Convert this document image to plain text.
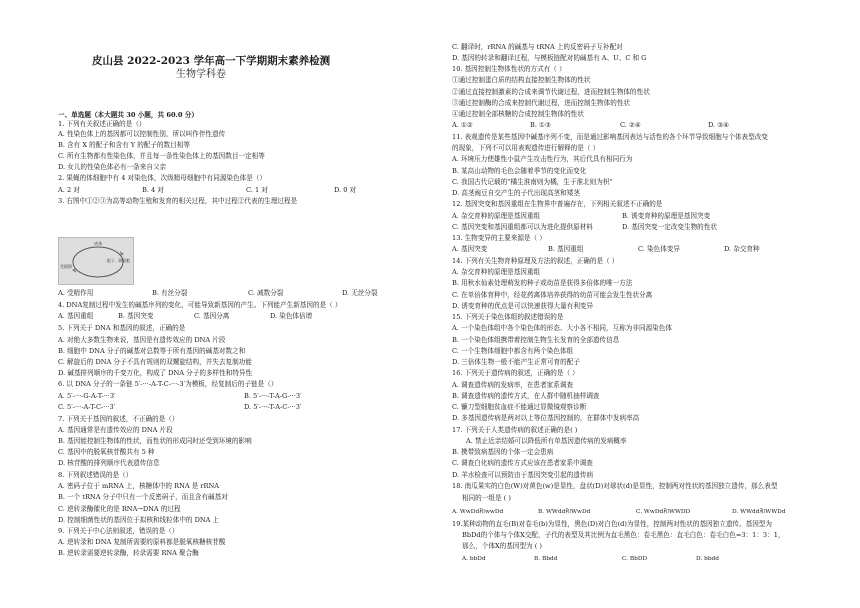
皮山县 2022-2023 学年高一下学期期末素养检测
生物学科卷
一、单选题（本大题共 30 小题，共 60.0 分）
1. 下列有关叙述正确的是（）
A. 性染色体上的基因都可以控制性别，所以叫作伴性遗传
B. 含有 X 的配子和含有 Y 的配子的数目相等
C. 所有生物都有性染色体，并且每一条性染色体上的基因数目一定相等
D. 女儿的性染色体必有一条来自父亲
2. 果蝇的体细胞中有 4 对染色体，次级精母细胞中有同源染色体是（）
A. 2 对	B. 4 对	C. 1 对	D. 0 对
3. 右图中①②③为高等动物生殖和发育的相关过程，其中过程②代表的生理过程是
成体
配子、卵细胞
受精卵
A. 受精作用	B. 有丝分裂	C. 减数分裂	D. 无丝分裂
4. DNA复制过程中发生的碱基序列的变化，可能导致新基因的产生。下列能产生新基因的是（ ）
A. 基因重组	B. 基因突变	C. 基因分离	D. 染色体倍增
5. 下列关于 DNA 和基因的叙述，正确的是
A. 对绝大多数生物来说，基因是有遗传效应的 DNA 片段
B. 细胞中 DNA 分子的碱基对总数等于所有基因的碱基对数之和
C. 解旋后的 DNA 分子不具有规则的双螺旋结构，并失去复制功能
D. 碱基排列顺序的千变万化，构成了 DNA 分子的多样性和特异性
6. 以 DNA 分子的一条链 5′-···-A-T-C-···-3′为模板，经复制后的子链是（）
A. 5′-···-G-A-T-···3′	B. 5′-···-T-A-G-···3′
C. 5′-···-A-T-C-···3′	D. 5′-···-T-A-C-···3′
7. 下列关于基因的叙述，不正确的是（）
A. 基因通常是有遗传效应的 DNA 片段
B. 基因能控制生物体的性状，而性状的形成同时还受到环境的影响
C. 基因中的脱氧核苷酸共有 5 种
D. 核苷酸的排列顺序代表遗传信息
8. 下列叙述错误的是（）
A. 密码子位于 mRNA 上，核糖体中的 RNA 是 rRNA
B. 一个 tRNA 分子中只有一个反密码子，而且含有碱基对
C. 逆转录酶催化的是 RNA→DNA 的过程
D. 控制细菌性状的基因位于拟核和线粒体中的 DNA 上
9. 下列关于中心法则叙述，错误的是（）
A. 逆转录和 DNA 复制所需要的原料都是脱氧核糖核苷酸
B. 逆转录需要逆转录酶，转录需要 RNA 聚合酶
C. 翻译时，rRNA 的碱基与 tRNA 上的反密码子互补配对
D. 基因的转录和翻译过程，与模板链配对的碱基有 A、U、C 和 G
10. 基因控制生物体性状的方式有（ ）
①通过控制蛋白质的结构直接控制生物体的性状
②通过直接控制激素的合成来调节代谢过程，进而控制生物体的性状
③通过控制酶的合成来控制代谢过程，进而控制生物体的性状
④通过控制全部核糖的合成控制生物体的性状
A. ①②	B. ①③	C. ②④	D. ③④
11. 表观遗传是某些基因中碱基序列不变，而是通过影响基因表达与活性的各个环节导致细胞与个体表型改变
的现象，下列不可以用表观遗传进行解释的是（ ）
A. 环境压力使雄性小鼠产生攻击性行为，其后代具有相同行为
B. 某高山动物的毛色会随着季节的变化而变化
C. 我国古代记载的“橘生淮南则为橘，生于淮北则为枳”
D. 高茎豌豆自交产生的子代出现高茎和矮茎
12. 基因突变和基因重组在生物界中普遍存在，下列相关叙述不正确的是
A. 杂交育种的原理是基因重组	B. 诱变育种的原理是基因突变
C. 基因突变和基因重组都可以为进化提供原材料	D. 基因突变一定改变生物的性状
13. 生物变异的主要来源是（ ）
A. 基因突变	B. 基因重组	C. 染色体变异	D. 杂交育种
14. 下列有关生物育种原理及方法的叙述，正确的是（ ）
A. 杂交育种的原理是基因重组
B. 用秋水仙素处理萌发的种子或幼苗是获得多倍体的唯一方法
C. 在单倍体育种中，经花药离体培养获得的幼苗可能会发生性状分离
D. 诱变育种的优点是可以快速获得大量有利变异
15. 下列关于染色体组的叙述错误的是
A. 一个染色体组中各个染色体的形态、大小各不相同，互称为非同源染色体
B. 一个染色体组携带着控制生物生长发育的全部遗传信息
C. 一个生物体细胞中都含有两个染色体组
D. 三倍体生物一般不能产生正常可育的配子
16. 下列关于遗传病的叙述，正确的是（ ）
A. 调查遗传病的发病率，在患者家系调查
B. 调查遗传病的遗传方式，在人群中随机抽样调查
C. 镰刀型细胞贫血症不能通过显微镜观察诊断
D. 多基因遗传病是两对以上等位基因控制的，在群体中发病率高
17. 下列关于人类遗传病的叙述正确的是( )
A. 禁止近亲结婚可以降低所有单基因遗传病的发病概率
B. 携带致病基因的个体一定会患病
C. 调查白化病的遗传方式应该在患者家系中调查
D. 羊水检查可以预防由于基因突变引起的遗传病
18. 南瓜果实的白色(W)对黄色(w)是显性，盘状(D)对球状(d)是显性，控制两对性状的基因独立遗传，那么表型
相同的一组是 ( )
A. WwDd和wwDd	B. WWdd和WwDd	C. WwDd和WWDD	D. WWdd和WWDd
19.某种动物的直毛(B)对卷毛(b)为显性，黑色(D)对白色(d)为显性，控制两对性状的基因独立遗传。基因型为
BbDd的个体与个体X交配，子代的表型及其比例为直毛黑色：卷毛黑色：直毛白色：卷毛白色=3：1：3：1，
那么，个体X的基因型为 ( )
A. bbDd	B. Bbdd	C. BbDD	D. bbdd
